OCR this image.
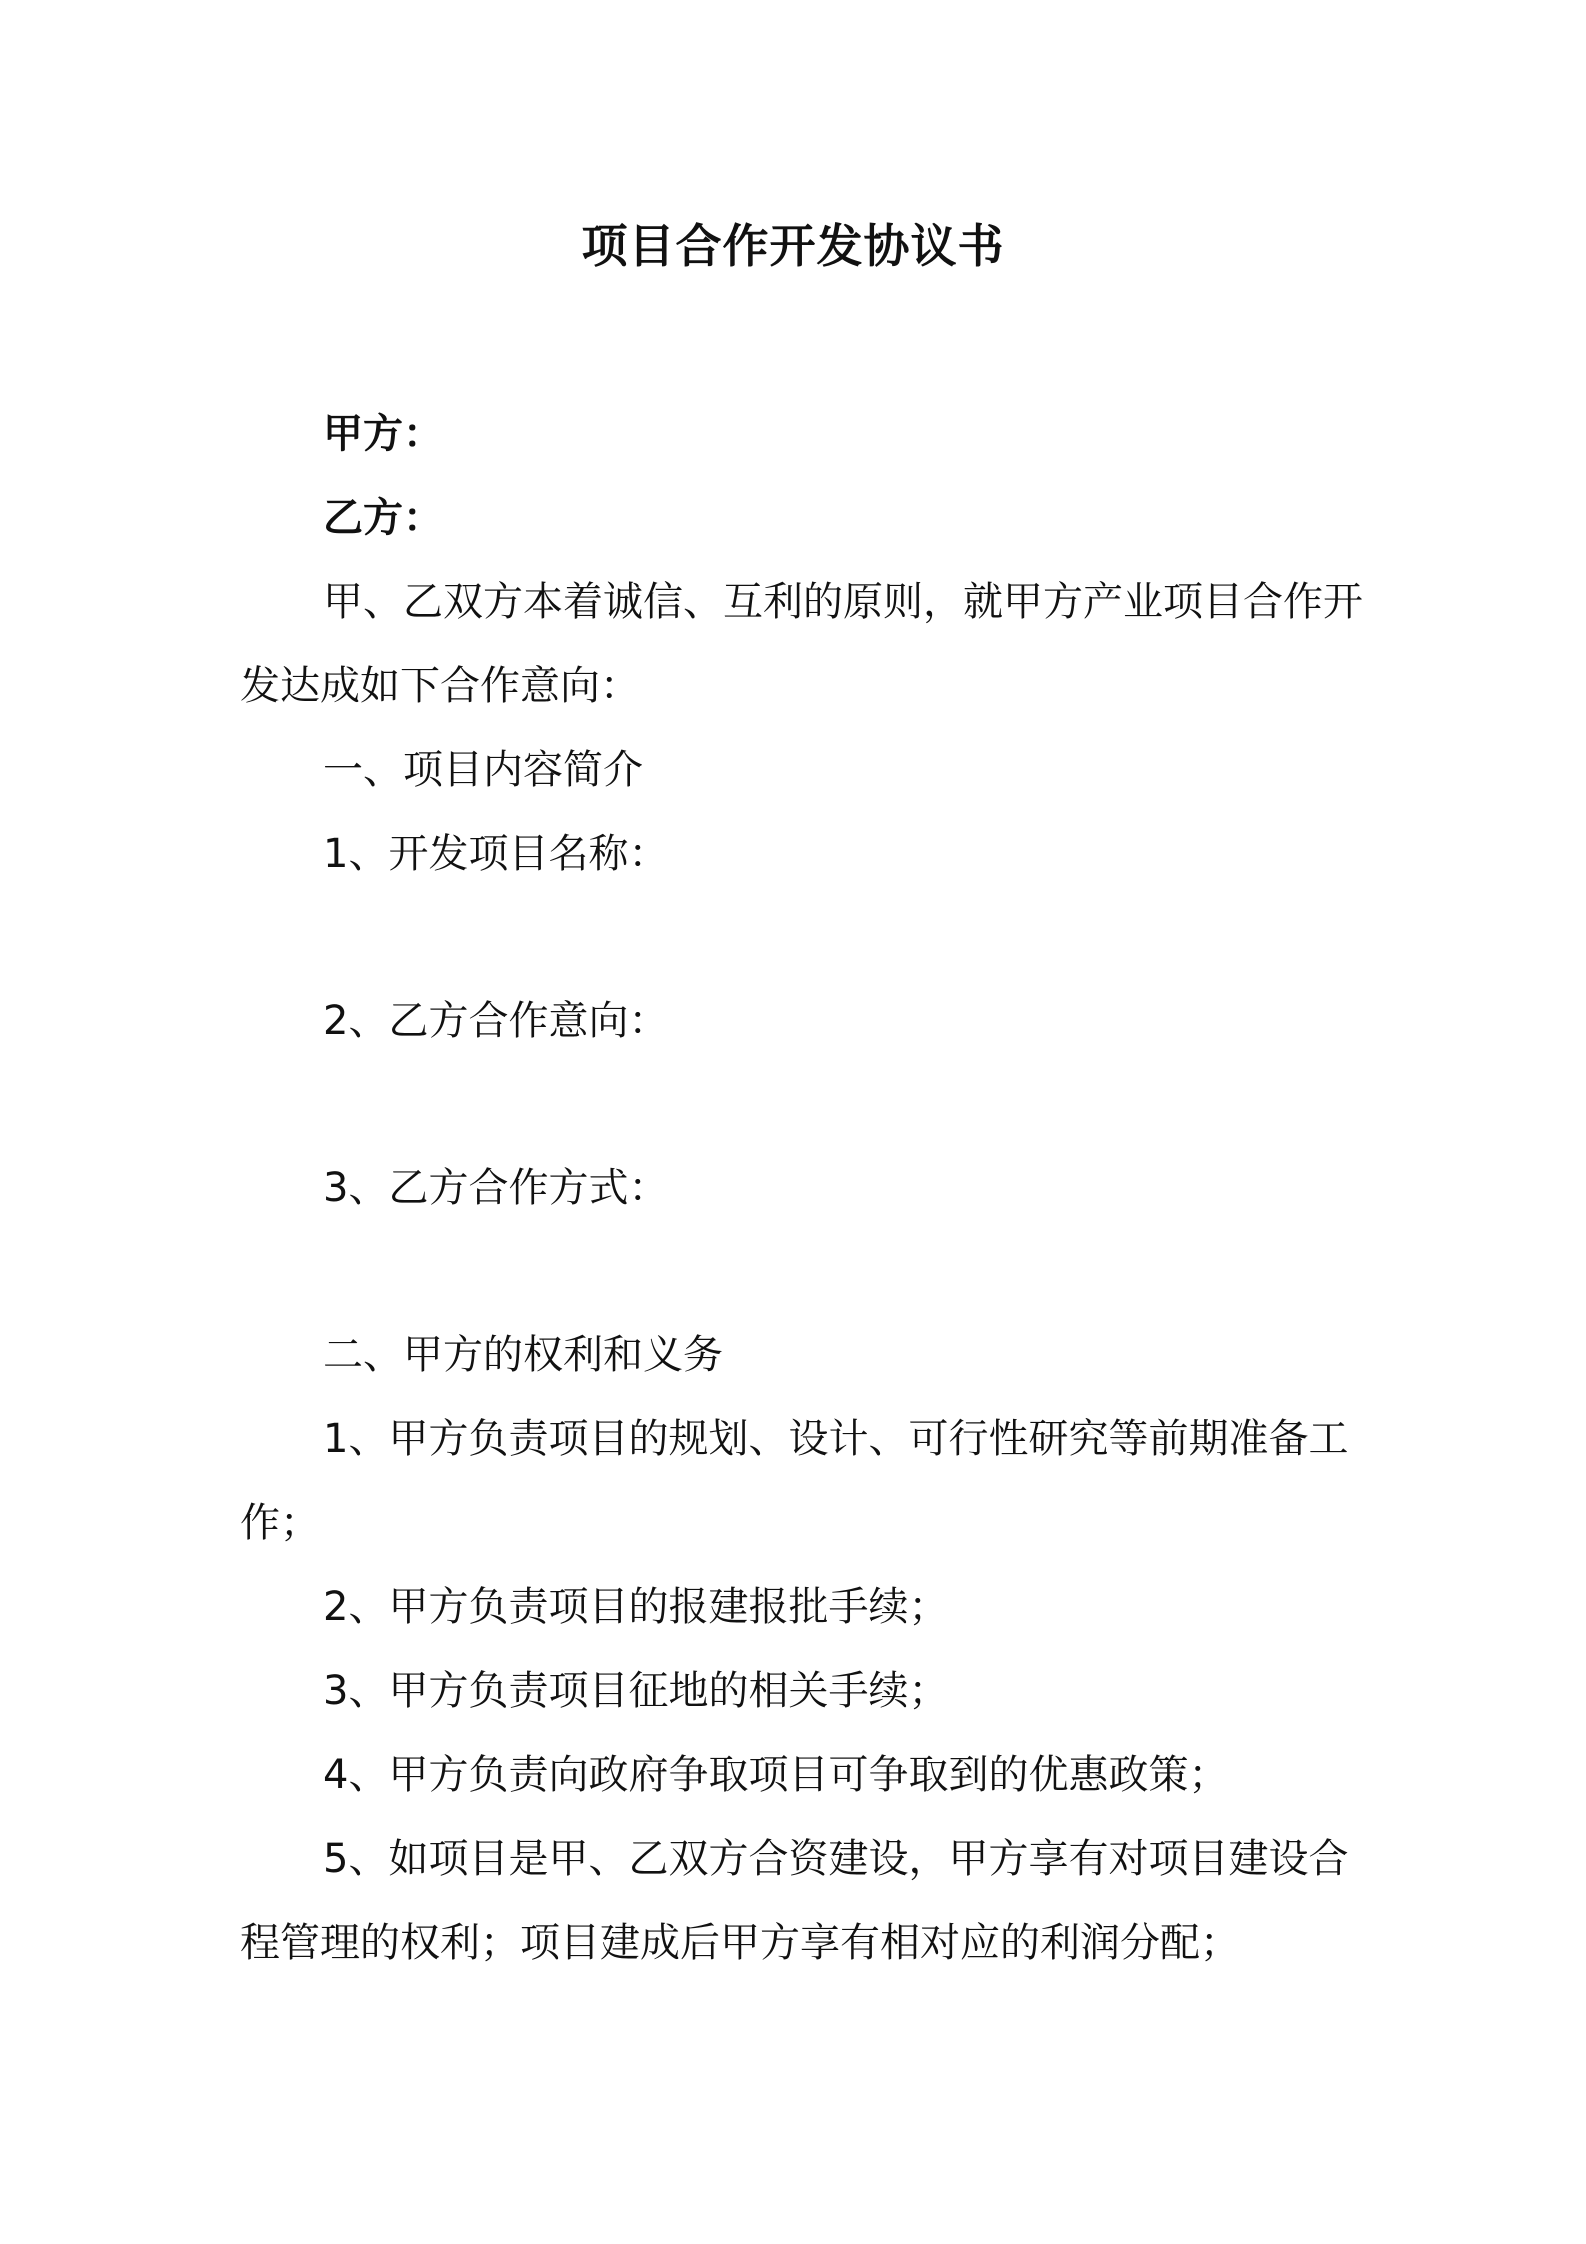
项目合作开发协议书
甲方：
乙方：
甲、乙双方本着诚信、互利的原则，就甲方产业项目合作开
发达成如下合作意向：
一、项目内容简介
1、开发项目名称：
2、乙方合作意向：
3、乙方合作方式：
二、甲方的权利和义务
1、甲方负责项目的规划、设计、可行性研究等前期准备工
作；
2、甲方负责项目的报建报批手续；
3、甲方负责项目征地的相关手续；
4、甲方负责向政府争取项目可争取到的优惠政策；
5、如项目是甲、乙双方合资建设，甲方享有对项目建设合
程管理的权利；项目建成后甲方享有相对应的利润分配；
